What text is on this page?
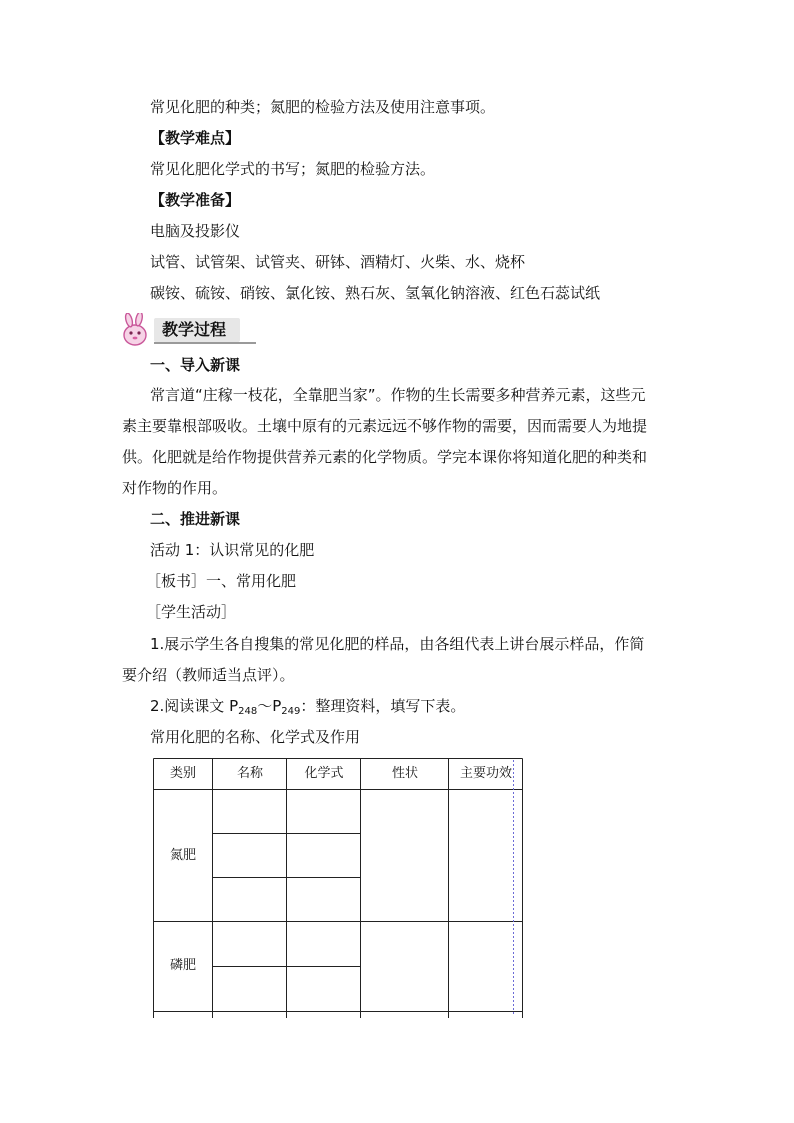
常见化肥的种类；氮肥的检验方法及使用注意事项。
【教学难点】
常见化肥化学式的书写；氮肥的检验方法。
【教学准备】
电脑及投影仪
试管、试管架、试管夹、研钵、酒精灯、火柴、水、烧杯
碳铵、硫铵、硝铵、氯化铵、熟石灰、氢氧化钠溶液、红色石蕊试纸
教学过程
一、导入新课
常言道“庄稼一枝花，全靠肥当家”。作物的生长需要多种营养元素，这些元
素主要靠根部吸收。土壤中原有的元素远远不够作物的需要，因而需要人为地提
供。化肥就是给作物提供营养元素的化学物质。学完本课你将知道化肥的种类和
对作物的作用。
二、推进新课
活动 1：认识常见的化肥
［板书］一、常用化肥
［学生活动］
1.展示学生各自搜集的常见化肥的样品，由各组代表上讲台展示样品，作简
要介绍（教师适当点评）。
2.阅读课文 $P_{248}\sim P_{249}$：整理资料，填写下表。
常用化肥的名称、化学式及作用
类别	名称	化学式	性状	主要功效
氮肥
磷肥
